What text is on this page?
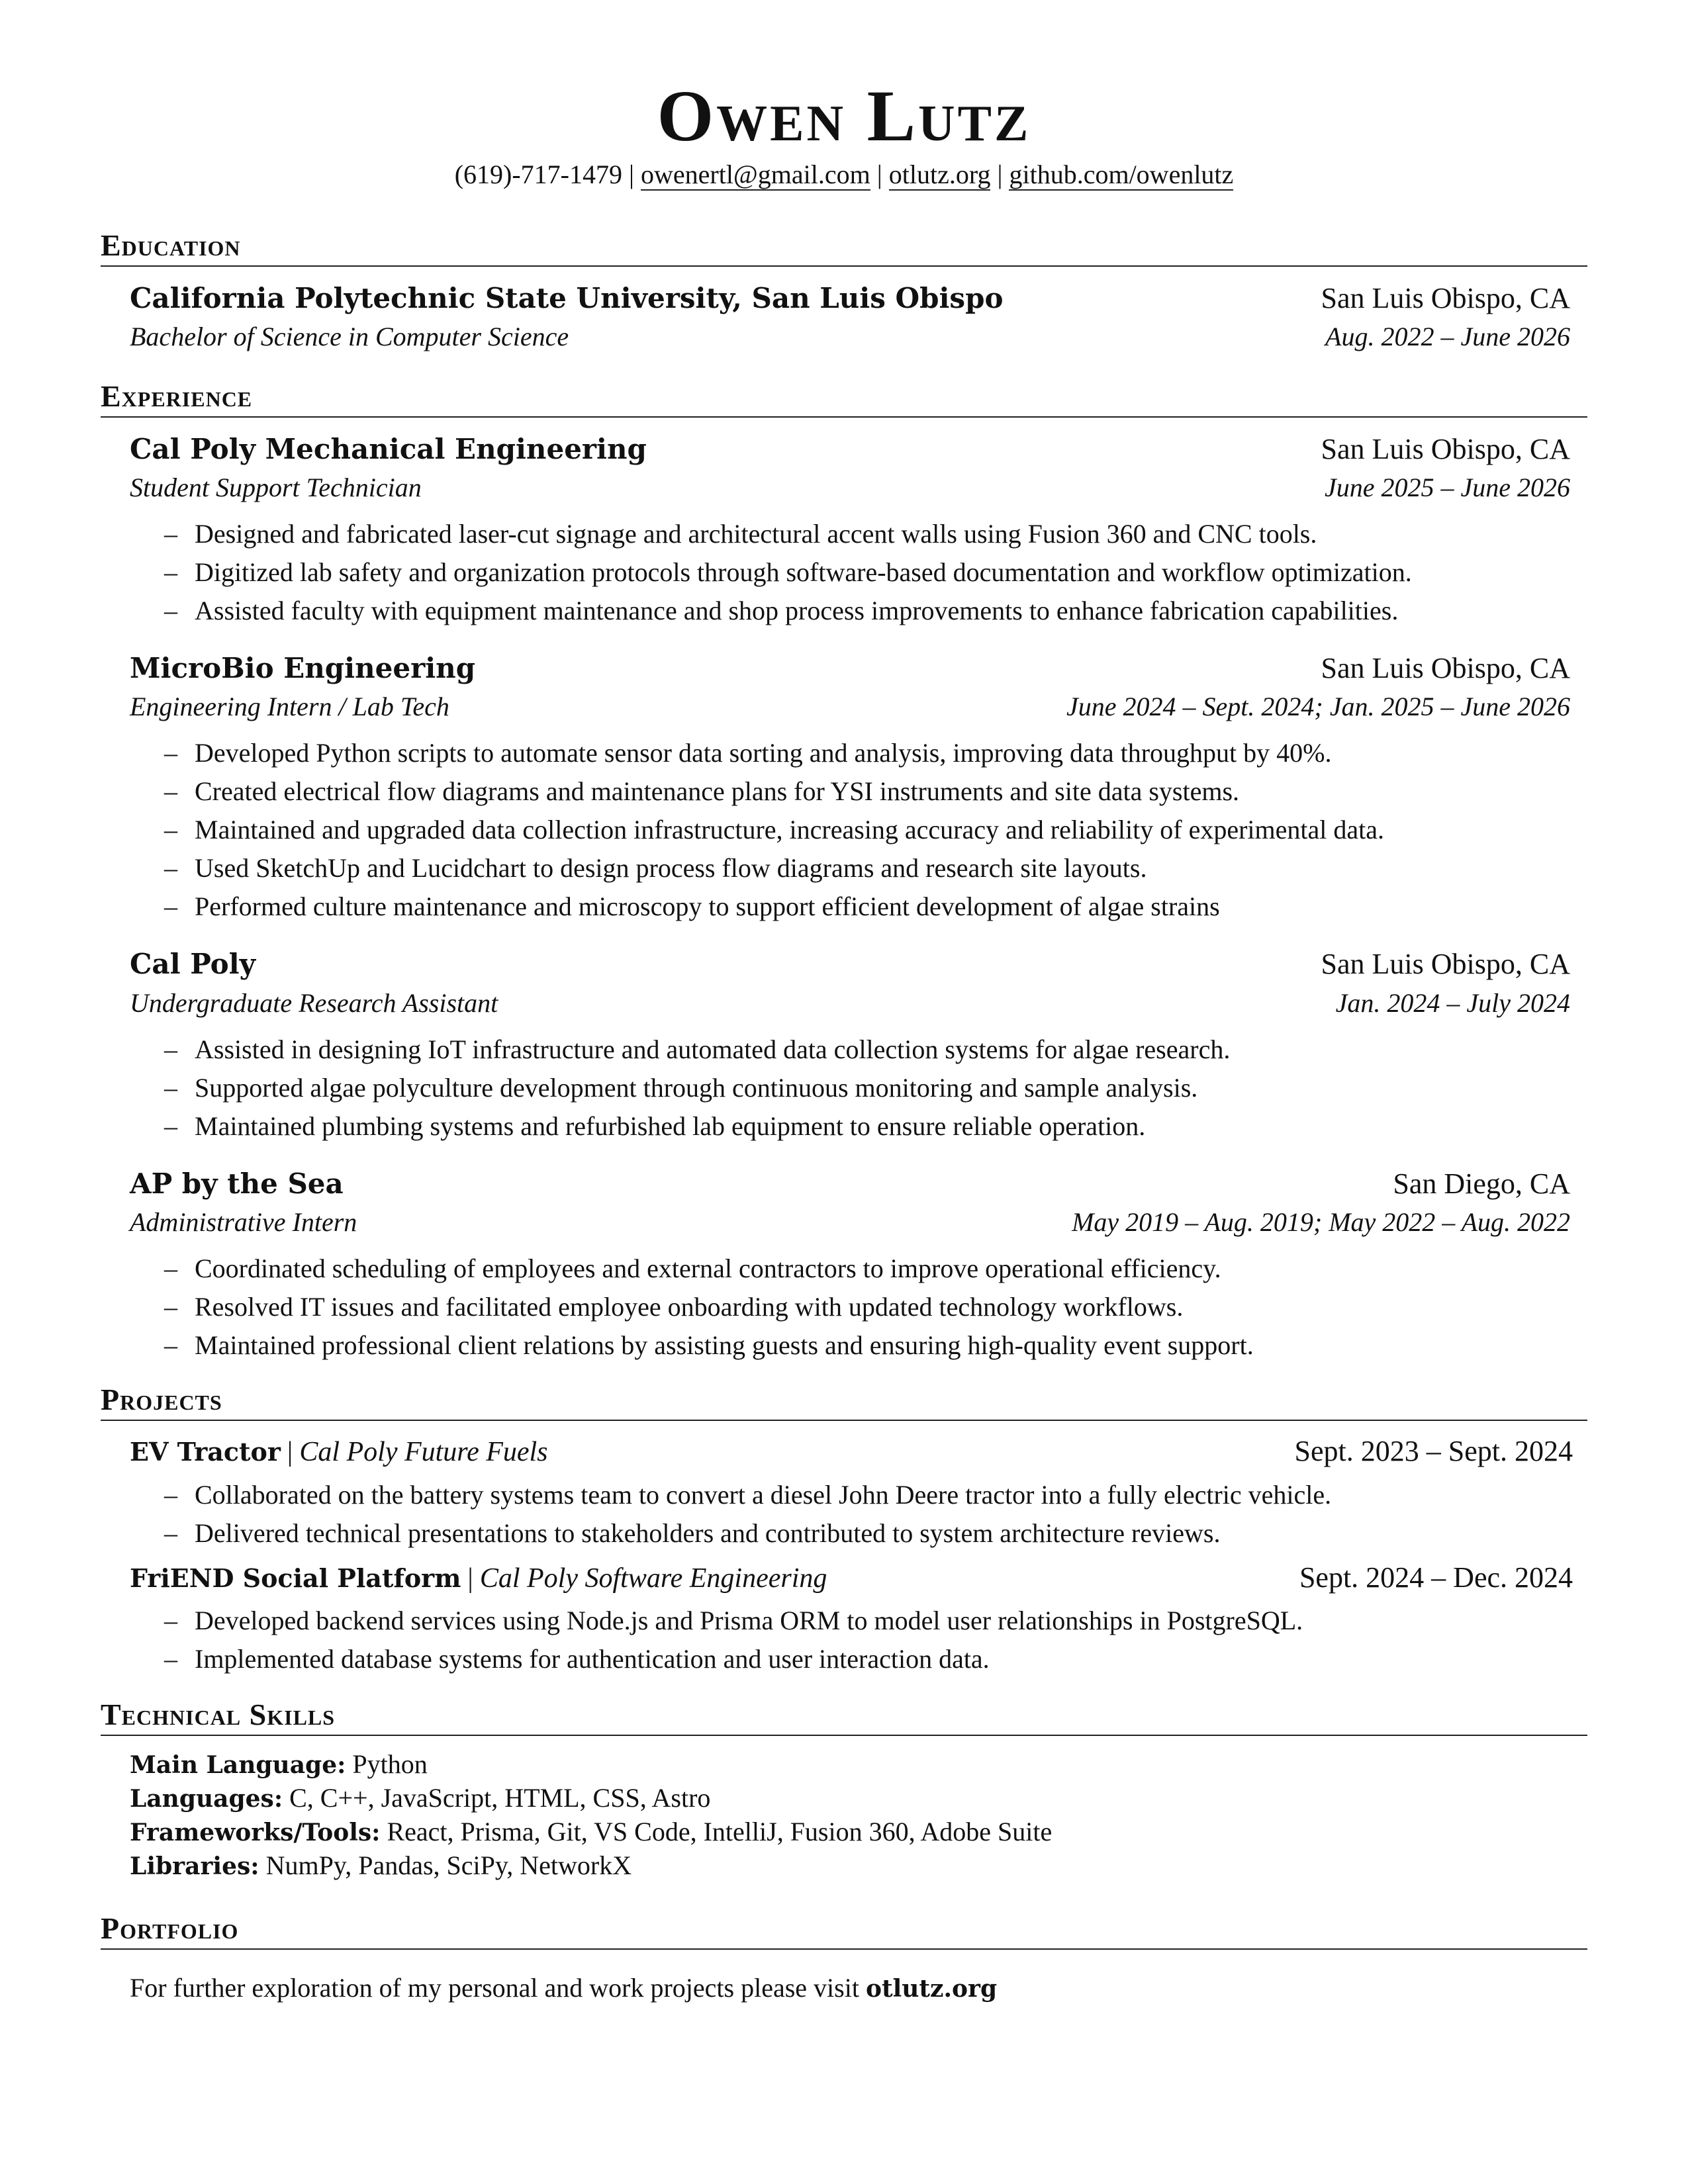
Owen Lutz
(619)-717-1479 | owenertl@gmail.com | otlutz.org | github.com/owenlutz
Education
California Polytechnic State University, San Luis Obispo	San Luis Obispo, CA
Bachelor of Science in Computer Science	Aug. 2022 – June 2026
Experience
Cal Poly Mechanical Engineering	San Luis Obispo, CA
Student Support Technician	June 2025 – June 2026
– Designed and fabricated laser-cut signage and architectural accent walls using Fusion 360 and CNC tools.
– Digitized lab safety and organization protocols through software-based documentation and workflow optimization.
– Assisted faculty with equipment maintenance and shop process improvements to enhance fabrication capabilities.
MicroBio Engineering	San Luis Obispo, CA
Engineering Intern / Lab Tech	June 2024 – Sept. 2024; Jan. 2025 – June 2026
– Developed Python scripts to automate sensor data sorting and analysis, improving data throughput by 40%.
– Created electrical flow diagrams and maintenance plans for YSI instruments and site data systems.
– Maintained and upgraded data collection infrastructure, increasing accuracy and reliability of experimental data.
– Used SketchUp and Lucidchart to design process flow diagrams and research site layouts.
– Performed culture maintenance and microscopy to support efficient development of algae strains
Cal Poly	San Luis Obispo, CA
Undergraduate Research Assistant	Jan. 2024 – July 2024
– Assisted in designing IoT infrastructure and automated data collection systems for algae research.
– Supported algae polyculture development through continuous monitoring and sample analysis.
– Maintained plumbing systems and refurbished lab equipment to ensure reliable operation.
AP by the Sea	San Diego, CA
Administrative Intern	May 2019 – Aug. 2019; May 2022 – Aug. 2022
– Coordinated scheduling of employees and external contractors to improve operational efficiency.
– Resolved IT issues and facilitated employee onboarding with updated technology workflows.
– Maintained professional client relations by assisting guests and ensuring high-quality event support.
Projects
EV Tractor | Cal Poly Future Fuels	Sept. 2023 – Sept. 2024
– Collaborated on the battery systems team to convert a diesel John Deere tractor into a fully electric vehicle.
– Delivered technical presentations to stakeholders and contributed to system architecture reviews.
FriEND Social Platform | Cal Poly Software Engineering	Sept. 2024 – Dec. 2024
– Developed backend services using Node.js and Prisma ORM to model user relationships in PostgreSQL.
– Implemented database systems for authentication and user interaction data.
Technical Skills
Main Language: Python
Languages: C, C++, JavaScript, HTML, CSS, Astro
Frameworks/Tools: React, Prisma, Git, VS Code, IntelliJ, Fusion 360, Adobe Suite
Libraries: NumPy, Pandas, SciPy, NetworkX
Portfolio
For further exploration of my personal and work projects please visit otlutz.org
